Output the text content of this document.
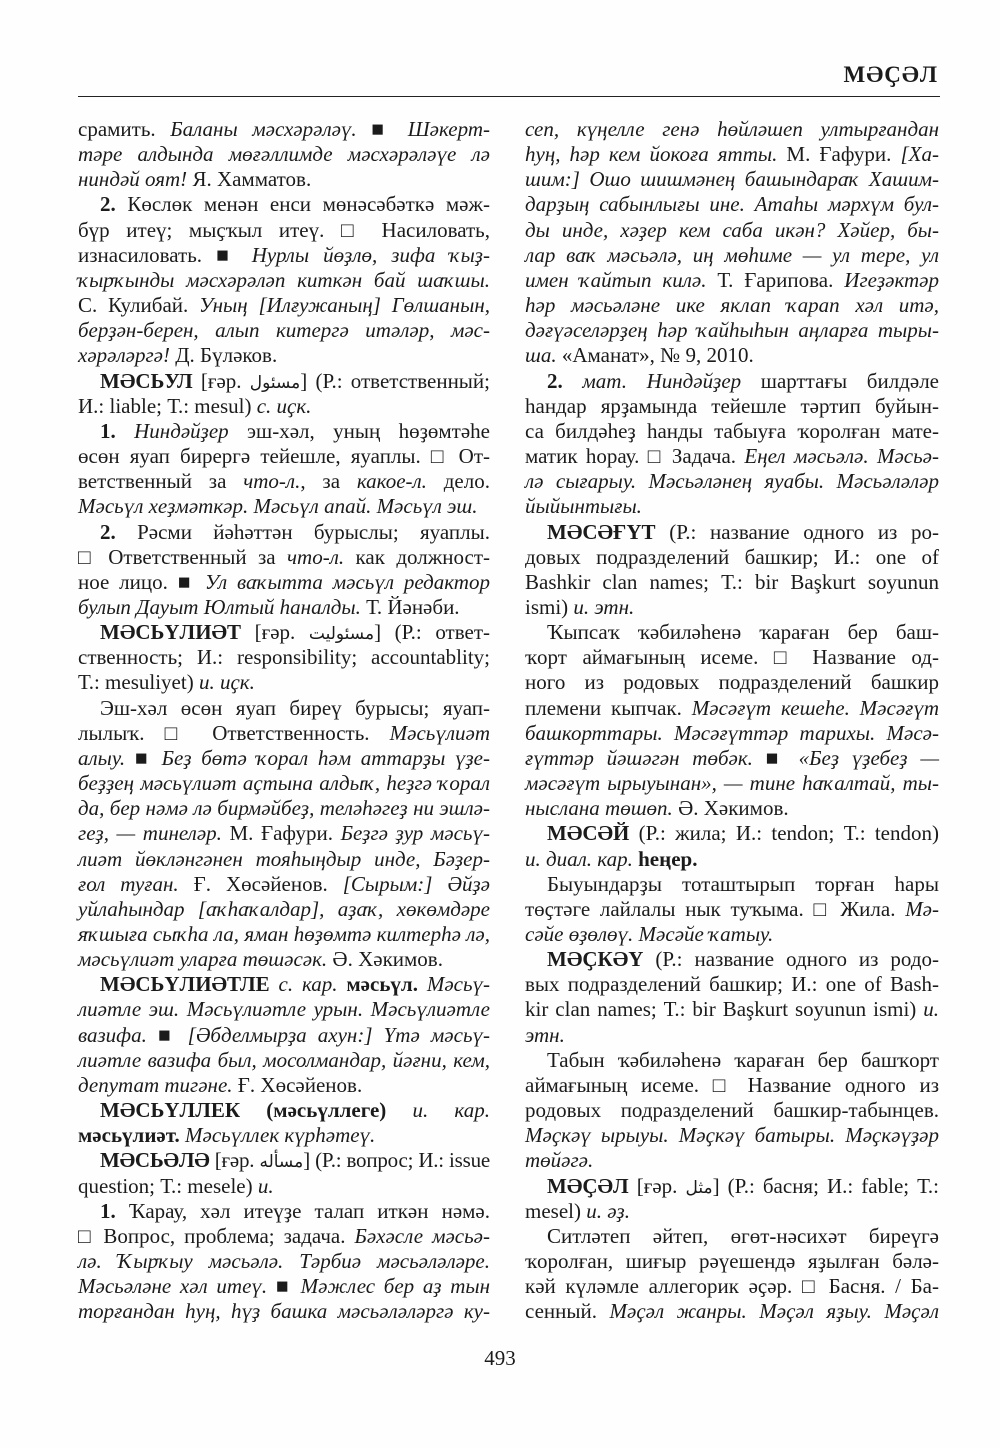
МӘҪӘЛ
срамить. Баланы мәсхәрәләү. ■ Шәкерт-
тәре алдында мөғәллимде мәсхәрәләүе лә
ниндәй оят! Я. Хамматов.
2. Көслөк менән енси мөнәсәбәткә мәж-
бүр итеү; мыҫҡыл итеү. □ Насиловать,
изнасиловать. ■ Нурлы йөҙлө, зифа ҡыҙ-
ҡырҡынды мәсхәрәләп киткән бай шаҡшы.
С. Кулибай. Уның [Илғужаның] Гөлшанын,
берҙән-берен, алып китергә итәләр, мәс-
хәрәләргә! Д. Бүләков.
МӘСЬУЛ [ғәр. مسئول] (Р.: ответственный;
И.: liable; Т.: mesul) с. иҫк.
1. Ниндәйҙер эш-хәл, уның һөҙөмтәһе
өсөн яуап бирергә тейешле, яуаплы. □ От-
ветственный за что-л., за какое-л. дело.
Мәсьүл хеҙмәткәр. Мәсьүл апай. Мәсьүл эш.
2. Рәсми йәһәттән бурыслы; яуаплы.
□ Ответственный за что-л. как должност-
ное лицо. ■ Ул ваҡытта мәсьүл редактор
булып Дауыт Юлтый һаналды. Т. Йәнәби.
МӘСЬҮЛИӘТ [ғәр. مسئوليت] (Р.: ответ-
ственность; И.: responsibility; accountablity;
Т.: mesuliyet) и. иҫк.
Эш-хәл өсөн яуап биреү бурысы; яуап-
лылыҡ. □ Ответственность. Мәсьүлиәт
алыу. ■ Беҙ бөтә ҡорал һәм аттарҙы үҙе-
беҙҙең мәсьүлиәт аҫтына алдыҡ, һеҙгә ҡорал
да, бер нәмә лә бирмәйбеҙ, теләһәгеҙ ни эшлә-
геҙ, — тинеләр. М. Ғафури. Беҙгә ҙур мәсьү-
лиәт йөкләнгәнен тояһыңдыр инде, Бәҙер-
ғол туған. Ғ. Хөсәйенов. [Сырым:] Әйҙә
уйлаһындар [аҡһаҡалдар], аҙаҡ, хөкөмдәре
яҡшыға сыҡһа ла, яман һөҙөмтә килтерһә лә,
мәсьүлиәт уларға төшәсәк. Ә. Хәкимов.
МӘСЬҮЛИӘТЛЕ с. кар. мәсьүл. Мәсьү-
лиәтле эш. Мәсьүлиәтле урын. Мәсьүлиәтле
вазифа. ■ [Әбделмырҙа ахун:] Үтә мәсьү-
лиәтле вазифа был, мосолмандар, йәғни, кем,
депутат тигәне. Ғ. Хөсәйенов.
МӘСЬҮЛЛЕК (мәсьүллеге) и. кар.
мәсьүлиәт. Мәсьүллек күрһәтеү.
МӘСЬӘЛӘ [ғәр. مسأله] (Р.: вопрос; И.: issue
question; Т.: mesele) и.
1. Ҡарау, хәл итеүҙе талап иткән нәмә.
□ Вопрос, проблема; задача. Бәхәсле мәсьә-
лә. Ҡырҡыу мәсьәлә. Тәрбиә мәсьәләләре.
Мәсьәләне хәл итеү. ■ Мәжлес бер аҙ тын
торғандан һуң, һүҙ башка мәсьәләләргә ку-
сеп, күңелле генә һөйләшеп ултырғандан
һуң, һәр кем йокоға ятты. М. Ғафури. [Ха-
шим:] Ошо шишмәнең башындараҡ Хашим-
дарҙың сабынлығы ине. Атаһы мәрхүм бул-
ды инде, хәҙер кем саба икән? Хәйер, бы-
лар ваҡ мәсьәлә, иң мөһиме — ул тере, ул
имен ҡайтып килә. Т. Ғарипова. Игеҙәктәр
һәр мәсьәләне ике яклап ҡарап хәл итә,
дәғүәселәрҙең һәр ҡайһыһын аңларға тыры-
ша. «Аманат», № 9, 2010.
2. мат. Ниндәйҙер шарттағы билдәле
һандар ярҙамында тейешле тәртип буйын-
са билдәһеҙ һанды табыуға ҡоролған мате-
матик һорау. □ Задача. Еңел мәсьәлә. Мәсьә-
лә сығарыу. Мәсьәләнең яуабы. Мәсьәләләр
йыйынтығы.
МӘСӘҒҮТ (Р.: название одного из ро-
довых подразделений башкир; И.: one of
Bashkir clan names; Т.: bir Başkurt soyunun
ismi) и. этн.
Ҡыпсаҡ ҡәбиләһенә ҡараған бер баш-
ҡорт аймағының исеме. □ Название од-
ного из родовых подразделений башкир
племени кыпчак. Мәсәғүт кешеһе. Мәсәғүт
башкорттары. Мәсәғүттәр тарихы. Мәсә-
ғүттәр йәшәгән төбәк. ■ «Беҙ үҙебеҙ —
мәсәғүт ырыуынан», — тине һаҡалтай, ты-
ныслана төшөп. Ә. Хәкимов.
МӘСӘЙ (Р.: жила; И.: tendon; Т.: tendon)
и. диал. кар. һеңер.
Быуындарҙы тоташтырып торған һары
төҫтәге лайлалы нык туҡыма. □ Жила. Мә-
сәйе өҙөлөү. Мәсәйе ҡатыу.
МӘҪКӘҮ (Р.: название одного из родо-
вых подразделений башкир; И.: one of Bash-
kir clan names; Т.: bir Başkurt soyunun ismi) и.
этн.
Табын ҡәбиләһенә ҡараған бер башҡорт
аймағының исеме. □ Название одного из
родовых подразделений башкир-табынцев.
Мәҫкәү ырыуы. Мәҫкәү батыры. Мәҫкәүҙәр
төйәгә.
МӘҪӘЛ [ғәр. مثل] (Р.: басня; И.: fable; Т.:
mesel) и. әҙ.
Ситләтеп әйтеп, өгөт-нәсихәт биреүгә
ҡоролған, шиғыр рәүешендә яҙылған бәлә-
кәй күләмле аллегорик әҫәр. □ Басня. / Ба-
сенный. Мәҫәл жанры. Мәҫәл яҙыу. Мәҫәл
493
